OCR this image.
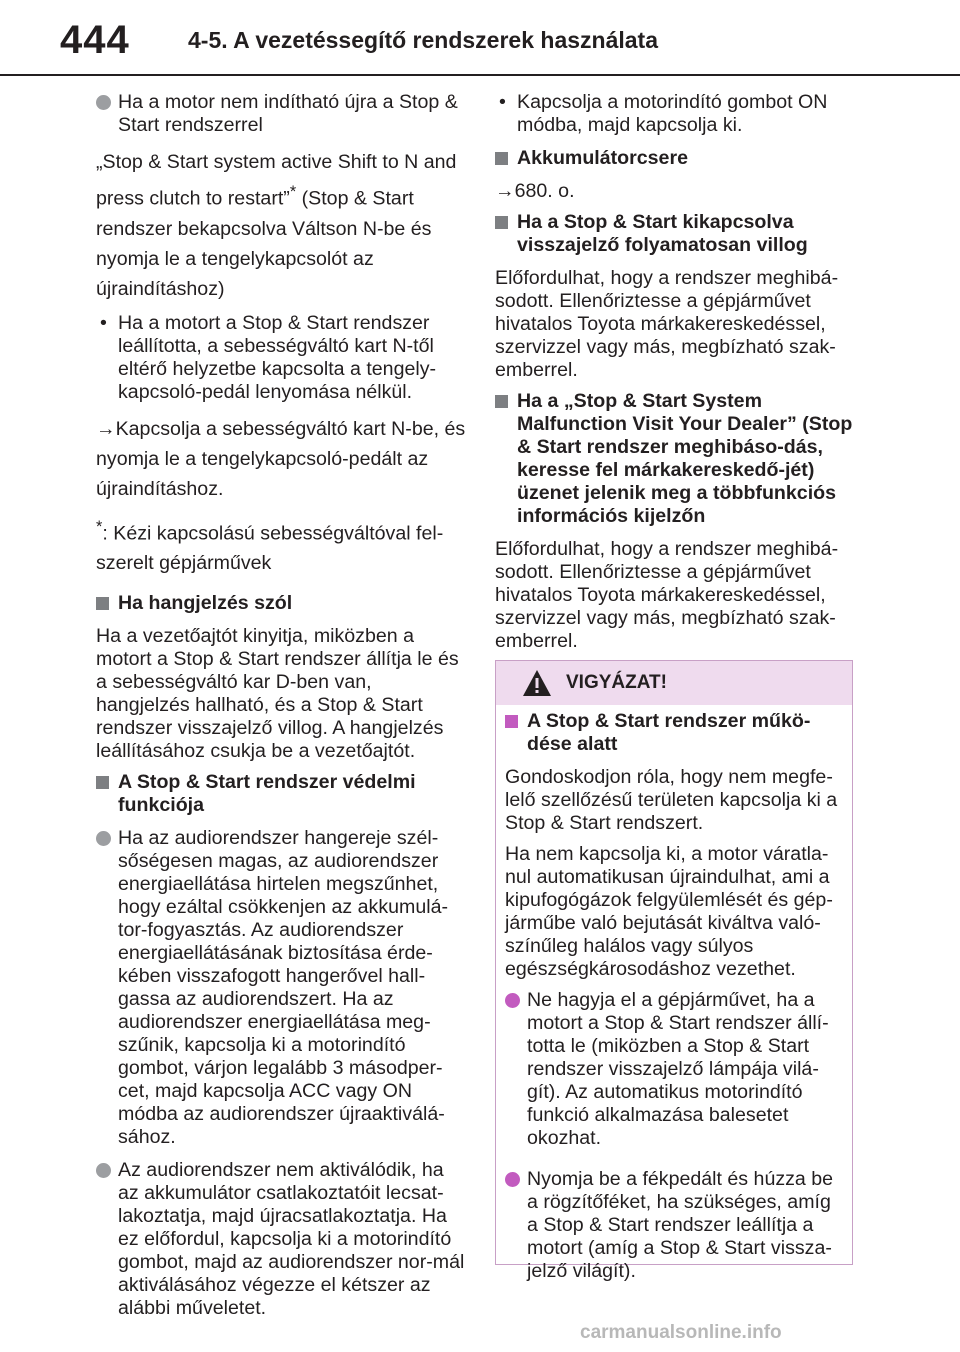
444	4-5. A vezetéssegítő rendszerek használata
Ha a motor nem indítható újra a Stop & Start rendszerrel

„Stop & Start system active Shift to N and press clutch to restart”* (Stop & Start rendszer bekapcsolva Váltson N-be és nyomja le a tengelykapcsolót az újraindításhoz)

• Ha a motort a Stop & Start rendszer leállította, a sebességváltó kart N-től eltérő helyzetbe kapcsolta a tengely-kapcsoló-pedál lenyomása nélkül.

→Kapcsolja a sebességváltó kart N-be, és nyomja le a tengelykapcsoló-pedált az újraindításhoz.

*: Kézi kapcsolású sebességváltóval fel-szerelt gépjárművek

Ha hangjelzés szól

Ha a vezetőajtót kinyitja, miközben a motort a Stop & Start rendszer állítja le és a sebességváltó kar D-ben van, hangjelzés hallható, és a Stop & Start rendszer visszajelző villog. A hangjelzés leállításához csukja be a vezetőajtót.

A Stop & Start rendszer védelmi funkciója
Ha az audiorendszer hangereje szél-sőségesen magas, az audiorendszer energiaellátása hirtelen megszűnhet, hogy ezáltal csökkenjen az akkumulá-tor-fogyasztás. Az audiorendszer energiaellátásának biztosítása érde-kében visszafogott hangerővel hall-gassa az audiorendszert. Ha az audiorendszer energiaellátása meg-szűnik, kapcsolja ki a motorindító gombot, várjon legalább 3 másodper-cet, majd kapcsolja ACC vagy ON módba az audiorendszer újraaktiválá-sához.
Az audiorendszer nem aktiválódik, ha az akkumulátor csatlakoztatóit lecsat-lakoztatja, majd újracsatlakoztatja. Ha ez előfordul, kapcsolja ki a motorindító gombot, majd az audiorendszer nor-mál aktiválásához végezze el kétszer az alábbi műveletet.
• Kapcsolja a motorindító gombot ON módba, majd kapcsolja ki.
Akkumulátorcsere

→680. o.

Ha a Stop & Start kikapcsolva visszajelző folyamatosan villog

Előfordulhat, hogy a rendszer meghibá-sodott. Ellenőriztesse a gépjárművet hivatalos Toyota márkakereskedéssel, szervizzel vagy más, megbízható szak-emberrel.

Ha a „Stop & Start System Malfunction Visit Your Dealer” (Stop & Start rendszer meghibáso-dás, keresse fel márkakereskedő-jét) üzenet jelenik meg a többfunkciós információs kijelzőn

Előfordulhat, hogy a rendszer meghibá-sodott. Ellenőriztesse a gépjárművet hivatalos Toyota márkakereskedéssel, szervizzel vagy más, megbízható szak-emberrel.

VIGYÁZAT!
A Stop & Start rendszer műkö-dése alatt

Gondoskodjon róla, hogy nem megfe-lelő szellőzésű területen kapcsolja ki a Stop & Start rendszert.

Ha nem kapcsolja ki, a motor váratla-nul automatikusan újraindulhat, ami a kipufogógázok felgyülemlését és gép-járműbe való bejutását kiváltva való-színűleg halálos vagy súlyos egészségkárosodáshoz vezethet.

Ne hagyja el a gépjárművet, ha a motort a Stop & Start rendszer állí-totta le (miközben a Stop & Start rendszer visszajelző lámpája vilá-gít). Az automatikus motorindító funkció alkalmazása balesetet okozhat.
Nyomja be a fékpedált és húzza be a rögzítőféket, ha szükséges, amíg a Stop & Start rendszer leállítja a motort (amíg a Stop & Start vissza-jelző világít).
carmanualsonline.info
